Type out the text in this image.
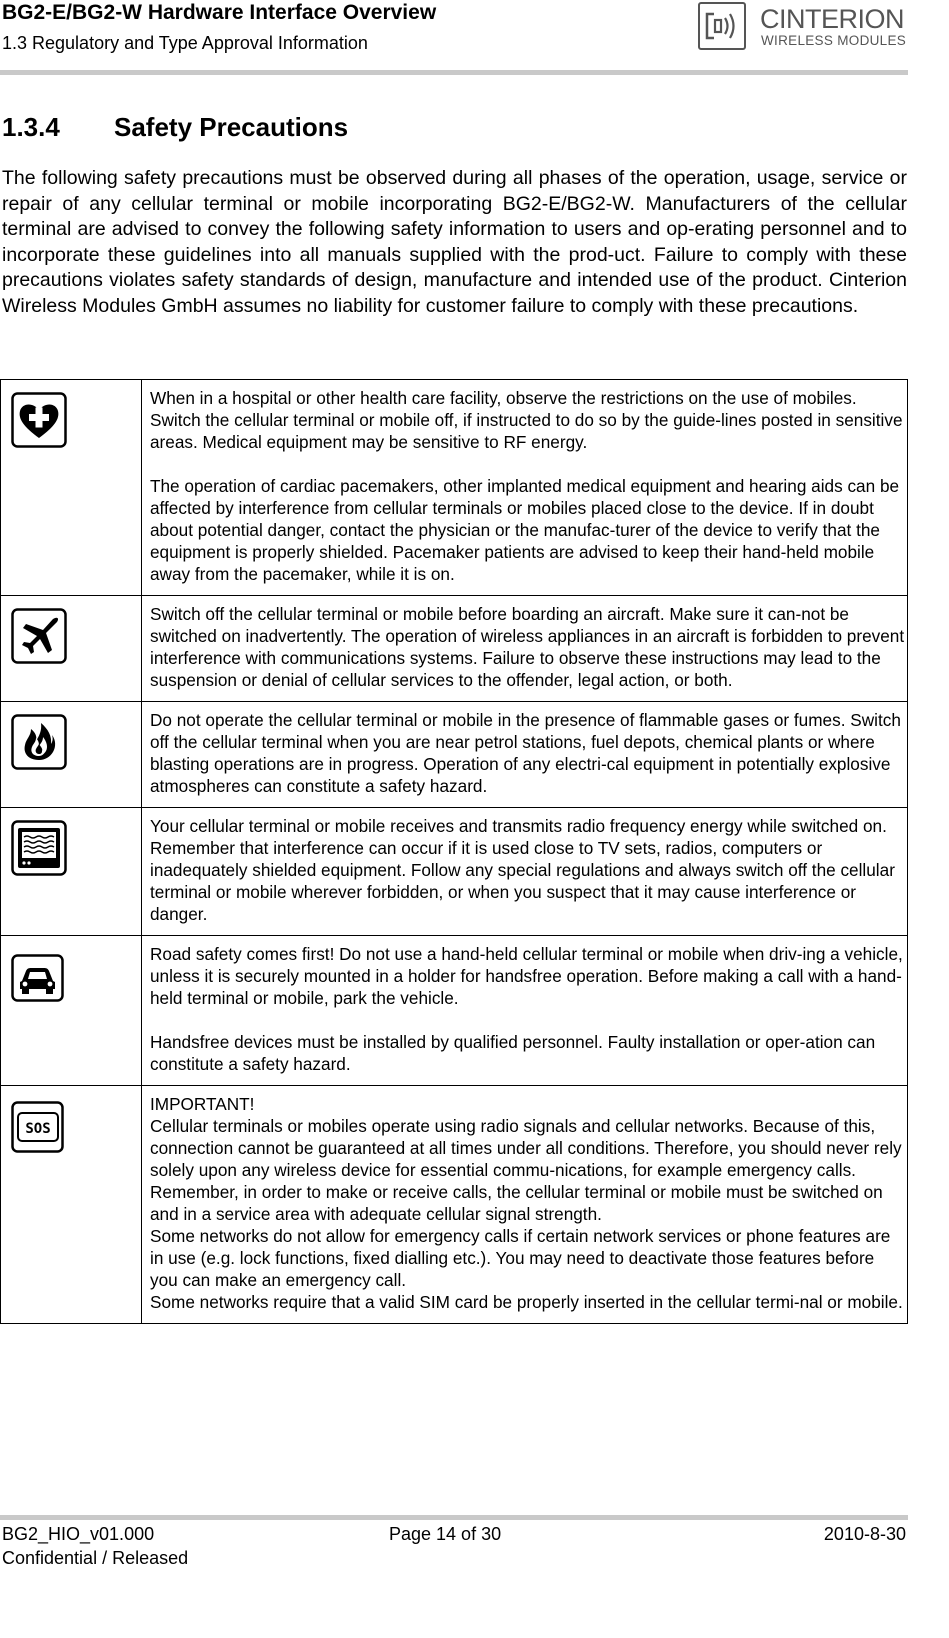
BG2-E/BG2-W Hardware Interface Overview
1.3 Regulatory and Type Approval Information
CINTERION
WIRELESS MODULES
1.3.4 Safety Precautions

The following safety precautions must be observed during all phases of the operation, usage, service or repair of any cellular terminal or mobile incorporating BG2-E/BG2-W. Manufacturers of the cellular terminal are advised to convey the following safety information to users and op-erating personnel and to incorporate these guidelines into all manuals supplied with the prod-uct. Failure to comply with these precautions violates safety standards of design, manufacture and intended use of the product. Cinterion Wireless Modules GmbH assumes no liability for customer failure to comply with these precautions.

When in a hospital or other health care facility, observe the restrictions on the use of mobiles. Switch the cellular terminal or mobile off, if instructed to do so by the guide-lines posted in sensitive areas. Medical equipment may be sensitive to RF energy.

The operation of cardiac pacemakers, other implanted medical equipment and hearing aids can be affected by interference from cellular terminals or mobiles placed close to the device. If in doubt about potential danger, contact the physician or the manufac-turer of the device to verify that the equipment is properly shielded. Pacemaker patients are advised to keep their hand-held mobile away from the pacemaker, while it is on.

Switch off the cellular terminal or mobile before boarding an aircraft. Make sure it can-not be switched on inadvertently. The operation of wireless appliances in an aircraft is forbidden to prevent interference with communications systems. Failure to observe these instructions may lead to the suspension or denial of cellular services to the offender, legal action, or both.

Do not operate the cellular terminal or mobile in the presence of flammable gases or fumes. Switch off the cellular terminal when you are near petrol stations, fuel depots, chemical plants or where blasting operations are in progress. Operation of any electri-cal equipment in potentially explosive atmospheres can constitute a safety hazard.

Your cellular terminal or mobile receives and transmits radio frequency energy while switched on. Remember that interference can occur if it is used close to TV sets, radios, computers or inadequately shielded equipment. Follow any special regulations and always switch off the cellular terminal or mobile wherever forbidden, or when you suspect that it may cause interference or danger.

Road safety comes first! Do not use a hand-held cellular terminal or mobile when driv-ing a vehicle, unless it is securely mounted in a holder for handsfree operation. Before making a call with a hand-held terminal or mobile, park the vehicle.

Handsfree devices must be installed by qualified personnel. Faulty installation or oper-ation can constitute a safety hazard.

SOS	IMPORTANT!

Cellular terminals or mobiles operate using radio signals and cellular networks. Because of this, connection cannot be guaranteed at all times under all conditions. Therefore, you should never rely solely upon any wireless device for essential commu-nications, for example emergency calls.

Remember, in order to make or receive calls, the cellular terminal or mobile must be switched on and in a service area with adequate cellular signal strength.

Some networks do not allow for emergency calls if certain network services or phone features are in use (e.g. lock functions, fixed dialling etc.). You may need to deactivate those features before you can make an emergency call.

Some networks require that a valid SIM card be properly inserted in the cellular termi-nal or mobile.

BG2_HIO_v01.000	Page 14 of 30	2010-8-30
Confidential / Released
